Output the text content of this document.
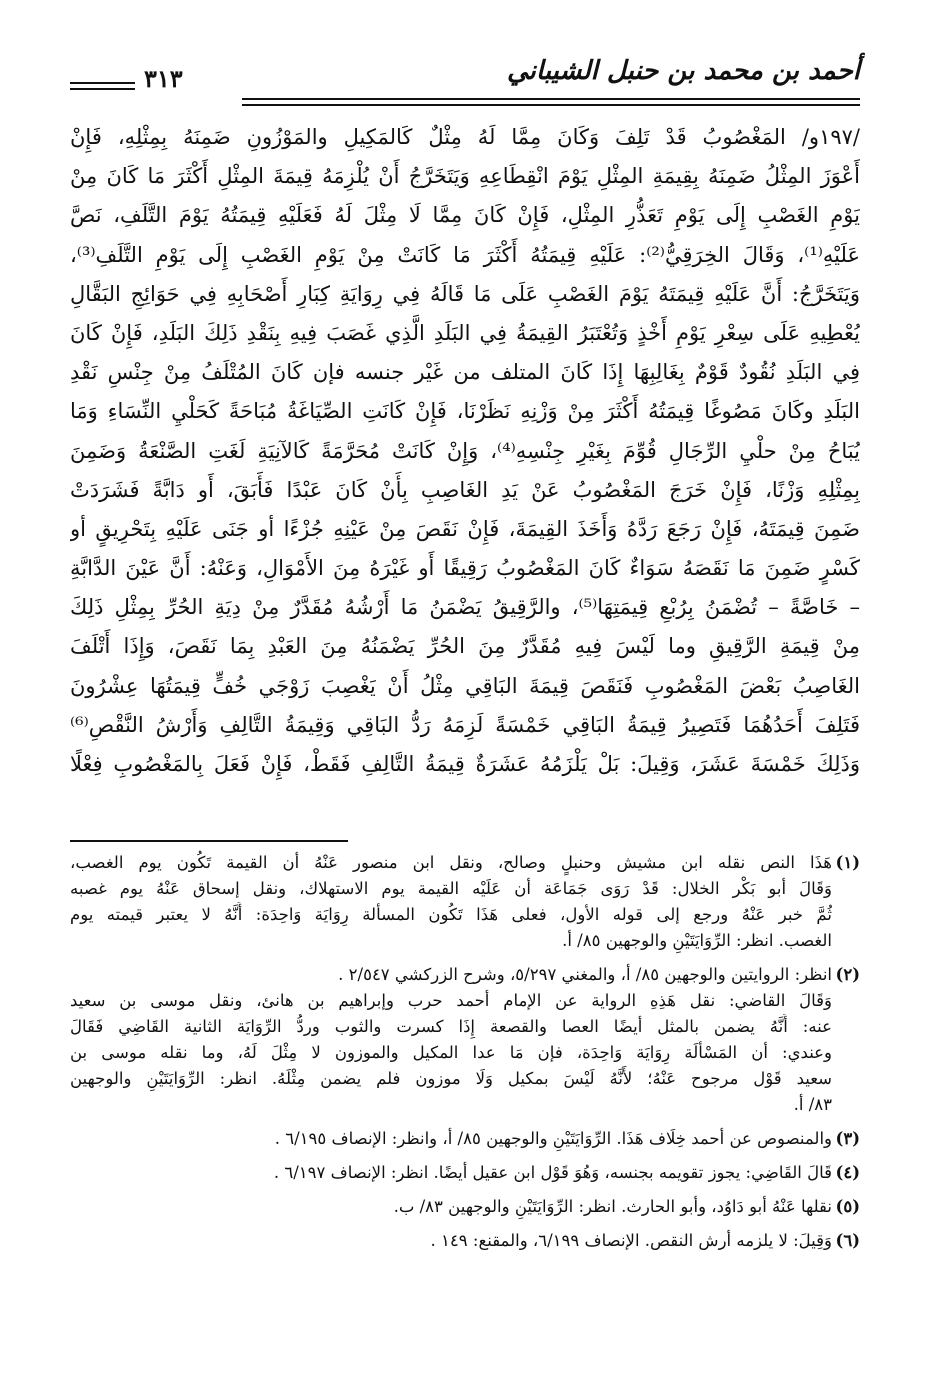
أحمد بن محمد بن حنبل الشيباني
٣١٣
/١٩٧و/ المَغْصُوبُ قَدْ تَلِفَ وَكَانَ مِمَّا لَهُ مِثْلٌ كَالمَكِيلِ والمَوْزُونِ ضَمِنَهُ بِمِثْلِهِ، فَإِنْ
أَعْوَزَ المِثْلُ ضَمِنَهُ بِقِيمَةِ المِثْلِ يَوْمَ انْقِطَاعِهِ وَيَتَخَرَّجُ أَنْ يُلْزِمَهُ قِيمَةَ المِثْلِ أَكْثَرَ مَا كَانَ مِنْ
يَوْمِ الغَصْبِ إِلَى يَوْمِ تَعَذُّرِ المِثْلِ، فَإِنْ كَانَ مِمَّا لَا مِثْلَ لَهُ فَعَلَيْهِ قِيمَتُهُ يَوْمَ التَّلَفِ، نَصَّ
عَلَيْهِ⁽¹⁾، وَقَالَ الخِرَقِيُّ⁽²⁾: عَلَيْهِ قِيمَتُهُ أَكْثَرَ مَا كَانَتْ مِنْ يَوْمِ الغَصْبِ إِلَى يَوْمِ التَّلَفِ⁽³⁾،
وَيَتَخَرَّجُ: أَنَّ عَلَيْهِ قِيمَتَهُ يَوْمَ الغَصْبِ عَلَى مَا قَالَهُ فِي رِوَايَةِ كِبَارِ أَصْحَابِهِ فِي حَوَائِجِ البَقَّالِ
يُعْطِيهِ عَلَى سِعْرِ يَوْمِ أَخْذٍ وَتُعْتَبَرُ القِيمَةُ فِي البَلَدِ الَّذِي غَصَبَ فِيهِ بِنَقْدِ ذَلِكَ البَلَدِ، فَإِنْ كَانَ
فِي البَلَدِ نُقُودٌ قَوْمٌ بِغَالِبِهَا إِذَا كَانَ المتلف من غَيْر جنسه فإن كَانَ المُتْلَفُ مِنْ جِنْسِ نَقْدِ
البَلَدِ وكَانَ مَصُوغًا قِيمَتُهُ أَكْثَرَ مِنْ وَزْنِهِ نَظَرْنَا، فَإِنْ كَانَتِ الصِّيَاغَةُ مُبَاحَةً كَحَلْيِ النِّسَاءِ وَمَا
يُبَاحُ مِنْ حلْيِ الرِّجَالِ قُوِّمَ بِغَيْرِ جِنْسِهِ⁽⁴⁾، وَإِنْ كَانَتْ مُحَرَّمَةً كَالآنِيَةِ لَغَتِ الصَّنْعَةُ وَضَمِنَ
بِمِثْلِهِ وَزْنًا، فَإِنْ خَرَجَ المَغْصُوبُ عَنْ يَدِ الغَاصِبِ بِأَنْ كَانَ عَبْدًا فَأَبَقَ، أَو دَابَّةً فَشَرَدَتْ
ضَمِنَ قِيمَتَهُ، فَإِنْ رَجَعَ رَدَّهُ وَأَخَذَ القِيمَةَ، فَإِنْ نَقَصَ مِنْ عَيْنِهِ جُزْءًا أو جَنَى عَلَيْهِ بِتَحْرِيقٍ أو
كَسْرٍ ضَمِنَ مَا نَقَصَهُ سَوَاءٌ كَانَ المَغْصُوبُ رَقِيقًا أَو غَيْرَهُ مِنَ الأَمْوَالِ، وَعَنْهُ: أَنَّ عَيْنَ الدَّابَّةِ
– خَاصَّةً – تُضْمَنُ بِرُبْعِ قِيمَتِهَا⁽⁵⁾، والرَّقِيقُ يَضْمَنُ مَا أَرْشُهُ مُقَدَّرٌ مِنْ دِيَةِ الحُرِّ بِمِثْلِ ذَلِكَ
مِنْ قِيمَةِ الرَّقِيقِ وما لَيْسَ فِيهِ مُقَدَّرٌ مِنَ الحُرِّ يَضْمَنُهُ مِنَ العَبْدِ بِمَا نَقَصَ، وَإِذَا أَتْلَفَ
الغَاصِبُ بَعْضَ المَغْصُوبِ فَنَقَصَ قِيمَةَ البَاقِي مِثْلُ أَنْ يَغْصِبَ زَوْجَي خُفٍّ قِيمَتُهَا عِشْرُونَ
فَتَلِفَ أَحَدُهُمَا فَتَصِيرُ قِيمَةُ البَاقِي خَمْسَةً لَزِمَهُ رَدُّ البَاقِي وَقِيمَةُ التَّالِفِ وَأَرْشُ النَّقْصِ⁽⁶⁾
وَذَلِكَ خَمْسَةَ عَشَرَ، وَقِيلَ: بَلْ يَلْزَمُهُ عَشَرَةٌ قِيمَةُ التَّالِفِ فَقَطْ، فَإِنْ فَعَلَ بِالمَغْصُوبِ فِعْلًا
(١)
هَذَا النص نقله ابن مشيش وحنبلٍ وصالح، ونقل ابن منصور عَنْهُ أن القيمة تَكُون يوم الغصب،
وَقَالَ أبو بَكْر الخلال: قَدْ رَوَى جَمَاعَة أن عَلَيْه القيمة يوم الاستهلاك، ونقل إسحاق عَنْهُ يوم غصبه
ثُمَّ خبر عَنْهُ ورجع إلى قوله الأول، فعلى هَذَا تَكُون المسألة رِوَايَة وَاحِدَة: أَنَّهُ لا يعتبر قيمته يوم
الغصب. انظر: الرِّوَايَتَيْنِ والوجهين ٨٥/ أ.
(٢)
انظر: الروايتين والوجهين ٨٥/ أ، والمغني ٥/٢٩٧، وشرح الزركشي ٢/٥٤٧ .
وَقَالَ القاضي: نقل هَذِهِ الرواية عن الإمام أحمد حرب وإبراهيم بن هانئ، ونقل موسى بن سعيد
عنه: أَنَّهُ يضمن بالمثل أيضًا العصا والقصعة إِذَا كسرت والثوب وردُّ الرِّوَايَة الثانية القَاضِي فَقَالَ
وعندي: أن المَسْأَلَة رِوَايَة وَاحِدَة، فإن مَا عدا المكيل والموزون لا مِثْلَ لَهُ، وما نقله موسى بن
سعيد قَوْل مرجوح عَنْهُ؛ لأَنَّهُ لَيْسَ بمكيل وَلَا موزون فلم يضمن مِثْلَهُ. انظر: الرِّوَايَتَيْنِ والوجهين
٨٣/ أ.
(٣)
والمنصوص عن أحمد خِلَاف هَذَا. الرِّوَايَتَيْنِ والوجهين ٨٥/ أ، وانظر: الإنصاف ٦/١٩٥ .
(٤)
قَالَ القَاضِي: يجوز تقويمه بجنسه، وَهُوَ قَوْل ابن عقيل أيضًا. انظر: الإنصاف ٦/١٩٧ .
(٥)
نقلها عَنْهُ أبو دَاوُد، وأبو الحارث. انظر: الرِّوَايَتَيْنِ والوجهين ٨٣/ ب.
(٦)
وَقِيلَ: لا يلزمه أرش النقص. الإنصاف ٦/١٩٩، والمقنع: ١٤٩ .
